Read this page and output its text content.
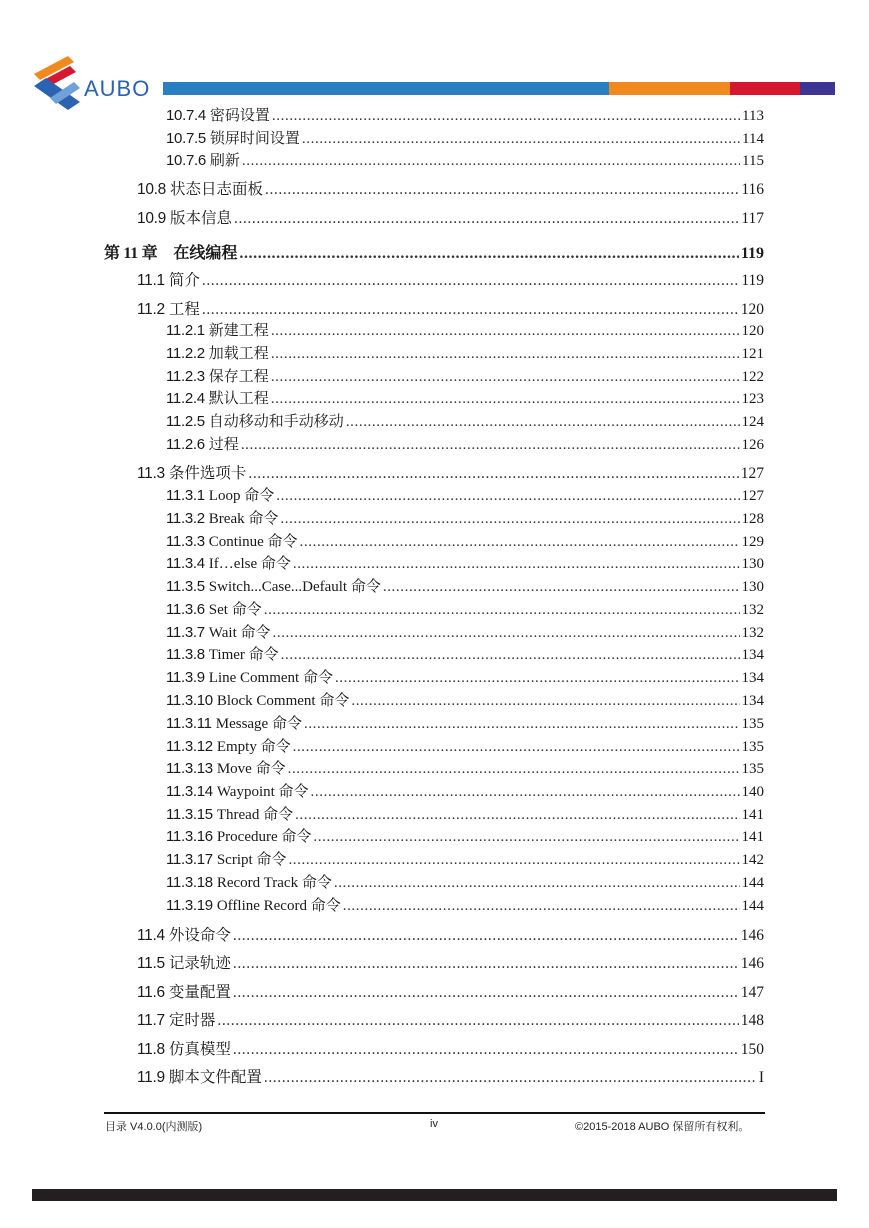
AUBO
10.7.4 密码设置 .....	113
10.7.5 锁屏时间设置 .....	114
10.7.6 刷新 .....	115
10.8 状态日志面板 .....	116
10.9 版本信息 .....	117
第 11 章	在线编程 .....	119
11.1 简介 .....	119
11.2 工程 .....	120
11.2.1 新建工程 .....	120
11.2.2 加载工程 .....	121
11.2.3 保存工程 .....	122
11.2.4 默认工程 .....	123
11.2.5 自动移动和手动移动 .....	124
11.2.6 过程 .....	126
11.3 条件选项卡 .....	127
11.3.1 Loop 命令 .....	127
11.3.2 Break 命令 .....	128
11.3.3 Continue 命令 .....	129
11.3.4 If…else 命令 .....	130
11.3.5 Switch...Case...Default 命令 .....	130
11.3.6 Set 命令 .....	132
11.3.7 Wait 命令 .....	132
11.3.8 Timer 命令 .....	134
11.3.9 Line Comment 命令 .....	134
11.3.10 Block Comment 命令 .....	134
11.3.11 Message 命令 .....	135
11.3.12 Empty 命令 .....	135
11.3.13 Move 命令 .....	135
11.3.14 Waypoint 命令 .....	140
11.3.15 Thread 命令 .....	141
11.3.16 Procedure 命令 .....	141
11.3.17 Script 命令 .....	142
11.3.18 Record Track 命令 .....	144
11.3.19 Offline Record 命令 .....	144
11.4 外设命令 .....	146
11.5 记录轨迹 .....	146
11.6 变量配置 .....	147
11.7 定时器 .....	148
11.8 仿真模型 .....	150
11.9 脚本文件配置 .....	I
目录 V4.0.0(内测版)	iv	©2015-2018 AUBO 保留所有权利。
